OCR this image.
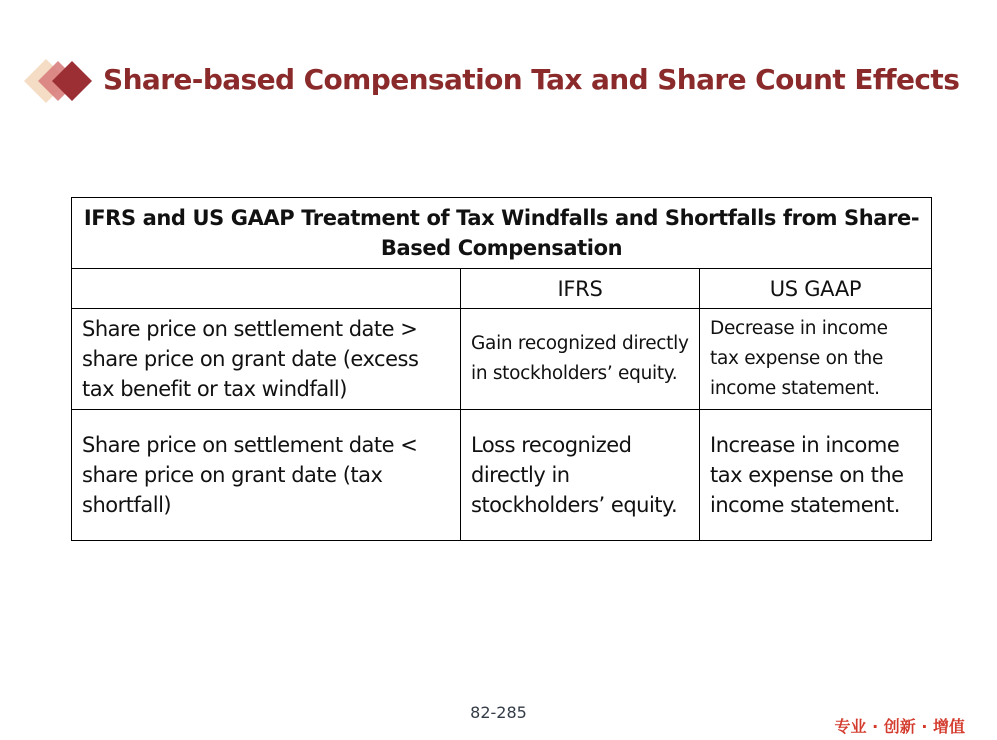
Share-based Compensation Tax and Share Count Effects
IFRS and US GAAP Treatment of Tax Windfalls and Shortfalls from Share-Based Compensation		
	IFRS	US GAAP
Share price on settlement date > share price on grant date (excess tax benefit or tax windfall)	Gain recognized directly in stockholders’ equity.	Decrease in income tax expense on the income statement.
Share price on settlement date < share price on grant date (tax shortfall)	Loss recognized directly in stockholders’ equity.	Increase in income tax expense on the income statement.
82-285
专业 · 创新 · 增值
